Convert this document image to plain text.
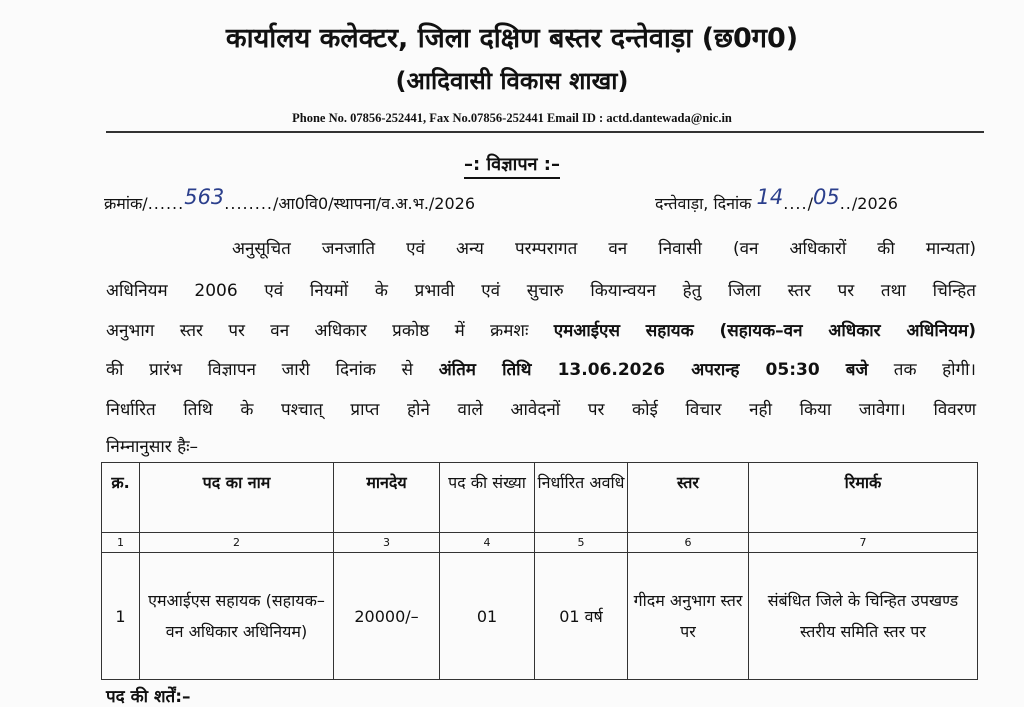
कार्यालय कलेक्टर, जिला दक्षिण बस्तर दन्तेवाड़ा (छ0ग0)
(आदिवासी विकास शाखा)
Phone No. 07856-252441, Fax No.07856-252441 Email ID : actd.dantewada@nic.in
–: विज्ञापन :–
क्रमांक/......563......../आ0वि0/स्थापना/व.अ.भ./2026	दन्तेवाड़ा, दिनांक 14..../05../2026
अनुसूचित जनजाति एवं अन्य परम्परागत वन निवासी (वन अधिकारों की मान्यता)
अधिनियम 2006 एवं नियमों के प्रभावी एवं सुचारु कियान्वयन हेतु जिला स्तर पर तथा चिन्हित
अनुभाग स्तर पर वन अधिकार प्रकोष्ठ में क्रमशः एमआईएस सहायक (सहायक–वन अधिकार अधिनियम)
की प्रारंभ विज्ञापन जारी दिनांक से अंतिम तिथि 13.06.2026 अपरान्ह 05:30 बजे तक होगी।
निर्धारित तिथि के पश्चात् प्राप्त होने वाले आवेदनों पर कोई विचार नही किया जावेगा। विवरण
निम्नानुसार हैः–
क्र.	पद का नाम	मानदेय	पद की संख्या	निर्धारित अवधि	स्तर	रिमार्क
1	2	3	4	5	6	7
1	एमआईएस सहायक (सहायक–वन अधिकार अधिनियम)	20000/–	01	01 वर्ष	गीदम अनुभाग स्तर पर	संबंधित जिले के चिन्हित उपखण्ड स्तरीय समिति स्तर पर
पद की शर्तें:–
